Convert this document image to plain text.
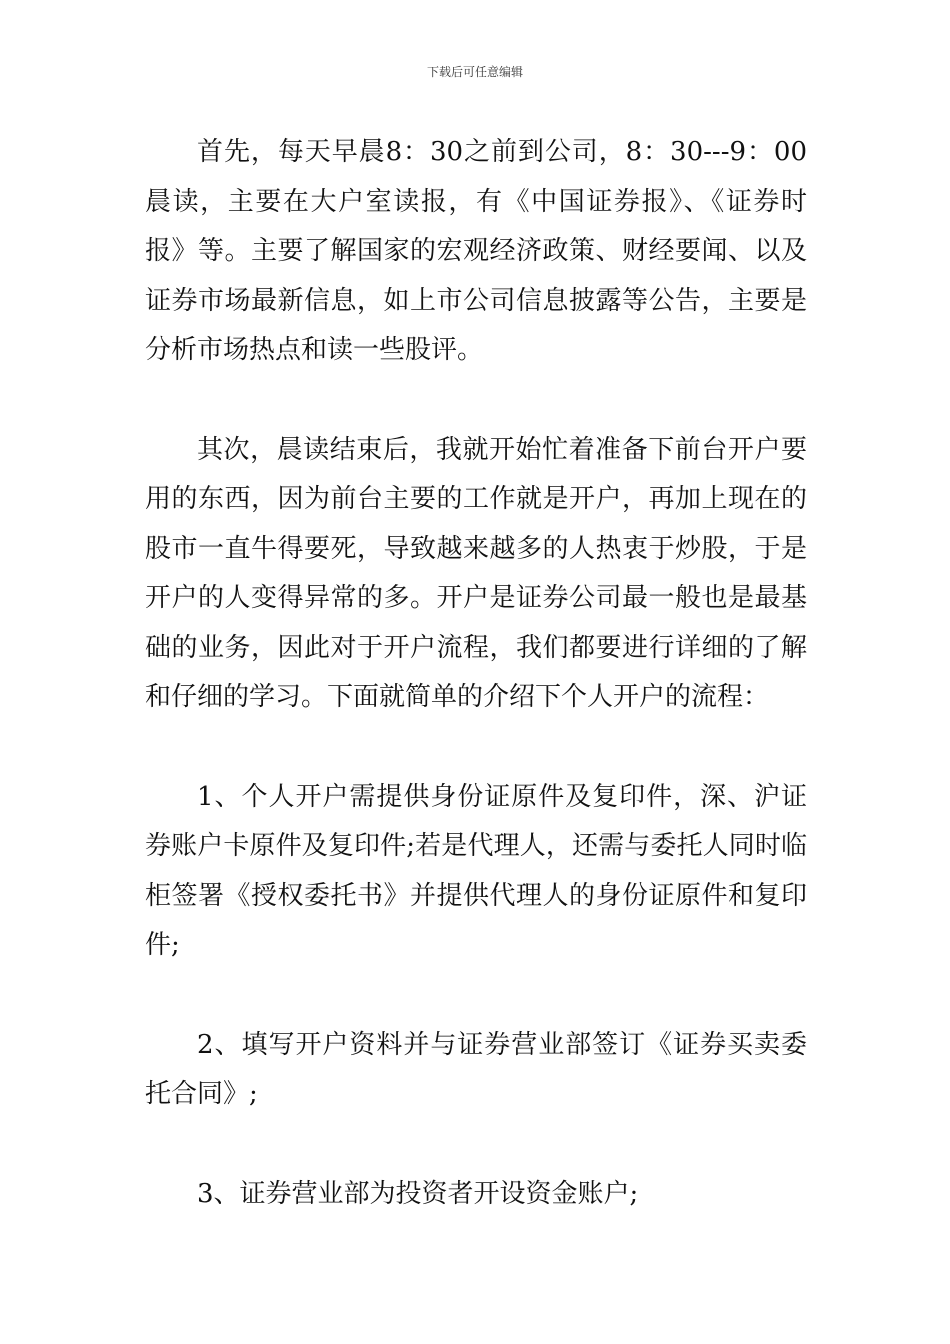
下载后可任意编辑

首先，每天早晨8：30之前到公司，8：30---9：00晨读，主要在大户室读报，有《中国证券报》、《证券时报》等。主要了解国家的宏观经济政策、财经要闻、以及证券市场最新信息，如上市公司信息披露等公告，主要是分析市场热点和读一些股评。

其次，晨读结束后，我就开始忙着准备下前台开户要用的东西，因为前台主要的工作就是开户，再加上现在的股市一直牛得要死，导致越来越多的人热衷于炒股，于是开户的人变得异常的多。开户是证券公司最一般也是最基础的业务，因此对于开户流程，我们都要进行详细的了解和仔细的学习。下面就简单的介绍下个人开户的流程：

1、个人开户需提供身份证原件及复印件，深、沪证券账户卡原件及复印件;若是代理人，还需与委托人同时临柜签署《授权委托书》并提供代理人的身份证原件和复印件;

2、填写开户资料并与证券营业部签订《证券买卖委托合同》;

3、证券营业部为投资者开设资金账户;
